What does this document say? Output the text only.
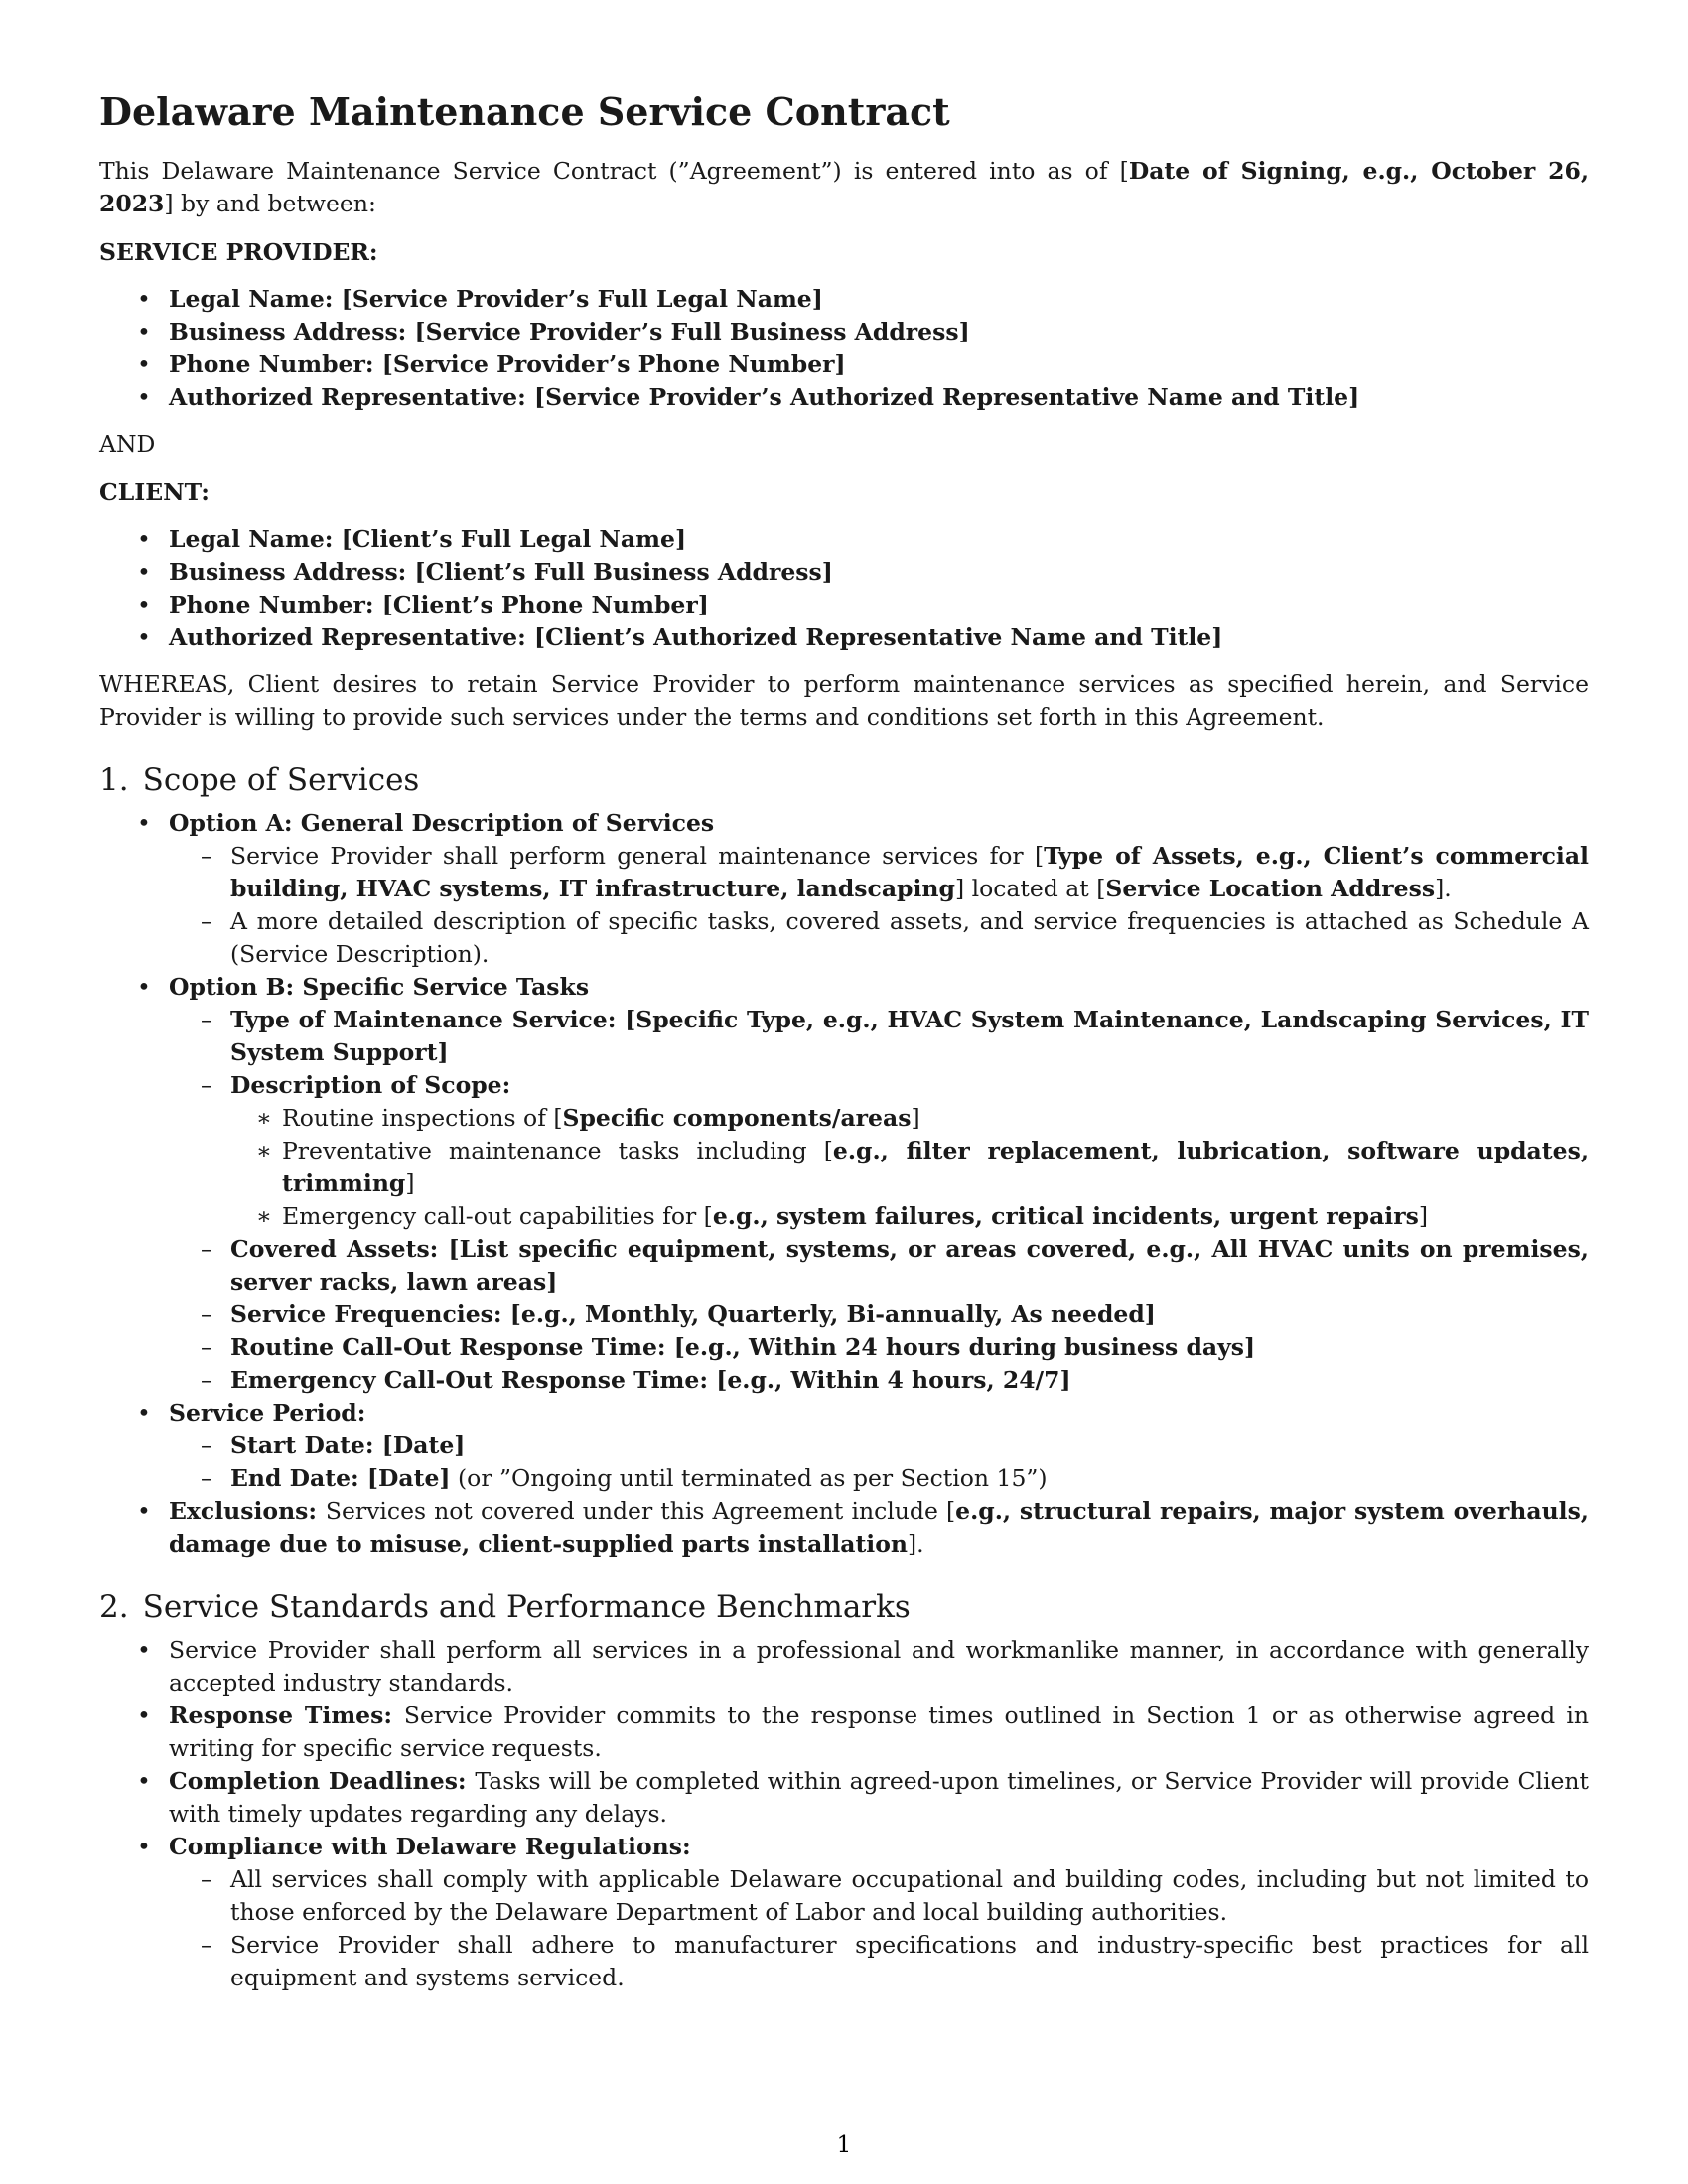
Delaware Maintenance Service Contract

This Delaware Maintenance Service Contract (”Agreement”) is entered into as of [Date of Signing, e.g., October 26, 2023] by and between:

SERVICE PROVIDER:
• Legal Name: [Service Provider’s Full Legal Name]
• Business Address: [Service Provider’s Full Business Address]
• Phone Number: [Service Provider’s Phone Number]
• Authorized Representative: [Service Provider’s Authorized Representative Name and Title]

AND

CLIENT:
• Legal Name: [Client’s Full Legal Name]
• Business Address: [Client’s Full Business Address]
• Phone Number: [Client’s Phone Number]
• Authorized Representative: [Client’s Authorized Representative Name and Title]

WHEREAS, Client desires to retain Service Provider to perform maintenance services as specified herein, and Service Provider is willing to provide such services under the terms and conditions set forth in this Agreement.

1. Scope of Services
• Option A: General Description of Services
– Service Provider shall perform general maintenance services for [Type of Assets, e.g., Client’s commercial building, HVAC systems, IT infrastructure, landscaping] located at [Service Location Address].
– A more detailed description of specific tasks, covered assets, and service frequencies is attached as Schedule A (Service Description).
• Option B: Specific Service Tasks
– Type of Maintenance Service: [Specific Type, e.g., HVAC System Maintenance, Landscaping Services, IT System Support]
– Description of Scope:
∗ Routine inspections of [Specific components/areas]
∗ Preventative maintenance tasks including [e.g., filter replacement, lubrication, software updates, trimming]
∗ Emergency call-out capabilities for [e.g., system failures, critical incidents, urgent repairs]
– Covered Assets: [List specific equipment, systems, or areas covered, e.g., All HVAC units on premises, server racks, lawn areas]
– Service Frequencies: [e.g., Monthly, Quarterly, Bi-annually, As needed]
– Routine Call-Out Response Time: [e.g., Within 24 hours during business days]
– Emergency Call-Out Response Time: [e.g., Within 4 hours, 24/7]
• Service Period:
– Start Date: [Date]
– End Date: [Date] (or ”Ongoing until terminated as per Section 15”)
• Exclusions: Services not covered under this Agreement include [e.g., structural repairs, major system overhauls, damage due to misuse, client-supplied parts installation].
2. Service Standards and Performance Benchmarks
• Service Provider shall perform all services in a professional and workmanlike manner, in accordance with generally accepted industry standards.
• Response Times: Service Provider commits to the response times outlined in Section 1 or as otherwise agreed in writing for specific service requests.
• Completion Deadlines: Tasks will be completed within agreed-upon timelines, or Service Provider will provide Client with timely updates regarding any delays.
• Compliance with Delaware Regulations:
– All services shall comply with applicable Delaware occupational and building codes, including but not limited to those enforced by the Delaware Department of Labor and local building authorities.
– Service Provider shall adhere to manufacturer specifications and industry-specific best practices for all equipment and systems serviced.
1
